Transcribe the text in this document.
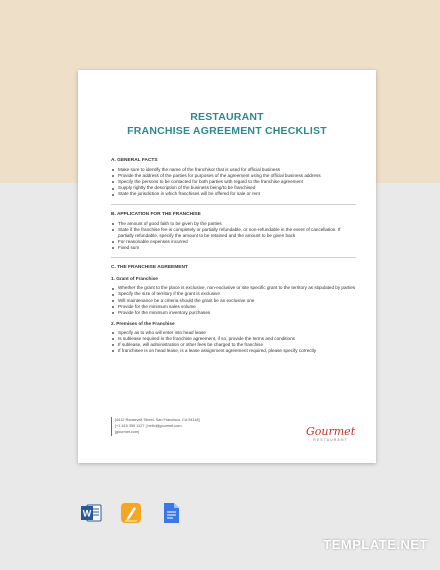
RESTAURANT
FRANCHISE AGREEMENT CHECKLIST
A. GENERAL FACTS
Make sure to identify the name of the franchisor that is used for official business
Provide the address of the parties for purposes of the agreement using the official business address
Specify the persons to be contacted for both parties with regard to the franchise agreement
Supply rightly the description of the business being/to be franchised
State the jurisdiction in which franchises will be offered for sale or rent
B. APPLICATION FOR THE FRANCHISE
The amount of good faith to be given by the parties
State if the franchise fee is completely or partially refundable, or non-refundable in the event of cancellation. If partially refundable, specify the amount to be retained and the amount to be given back
For reasonable expenses incurred
Fixed sum
C. THE FRANCHISE AGREEMENT
1. Grant of Franchise
Whether the grant to the place is exclusive, non-exclusive or site specific grant to the territory as stipulated by parties
Specify the size of territory if the grant is exclusive
Will maintenance be a criteria should the grant be an exclusive one
Provide for the minimum sales volume
Provide for the minimum inventory purchases
2. Premises of the Franchise
Specify as to who will enter into head lease
Is sublease required in the franchise agreement, if so, provide the terms and conditions
If sublease, will administration or other fees be charged to the franchise
If franchisee is on head lease, is a lease assignment agreement required, please specify correctly
[4412 Roosevelt Street, San Francisco, CA 94118]
[+1 415 359 1127 ] hello@gourmet.com
[gourmet.com]	Gourmet
RESTAURANT
W
TEMPLATE.NET
